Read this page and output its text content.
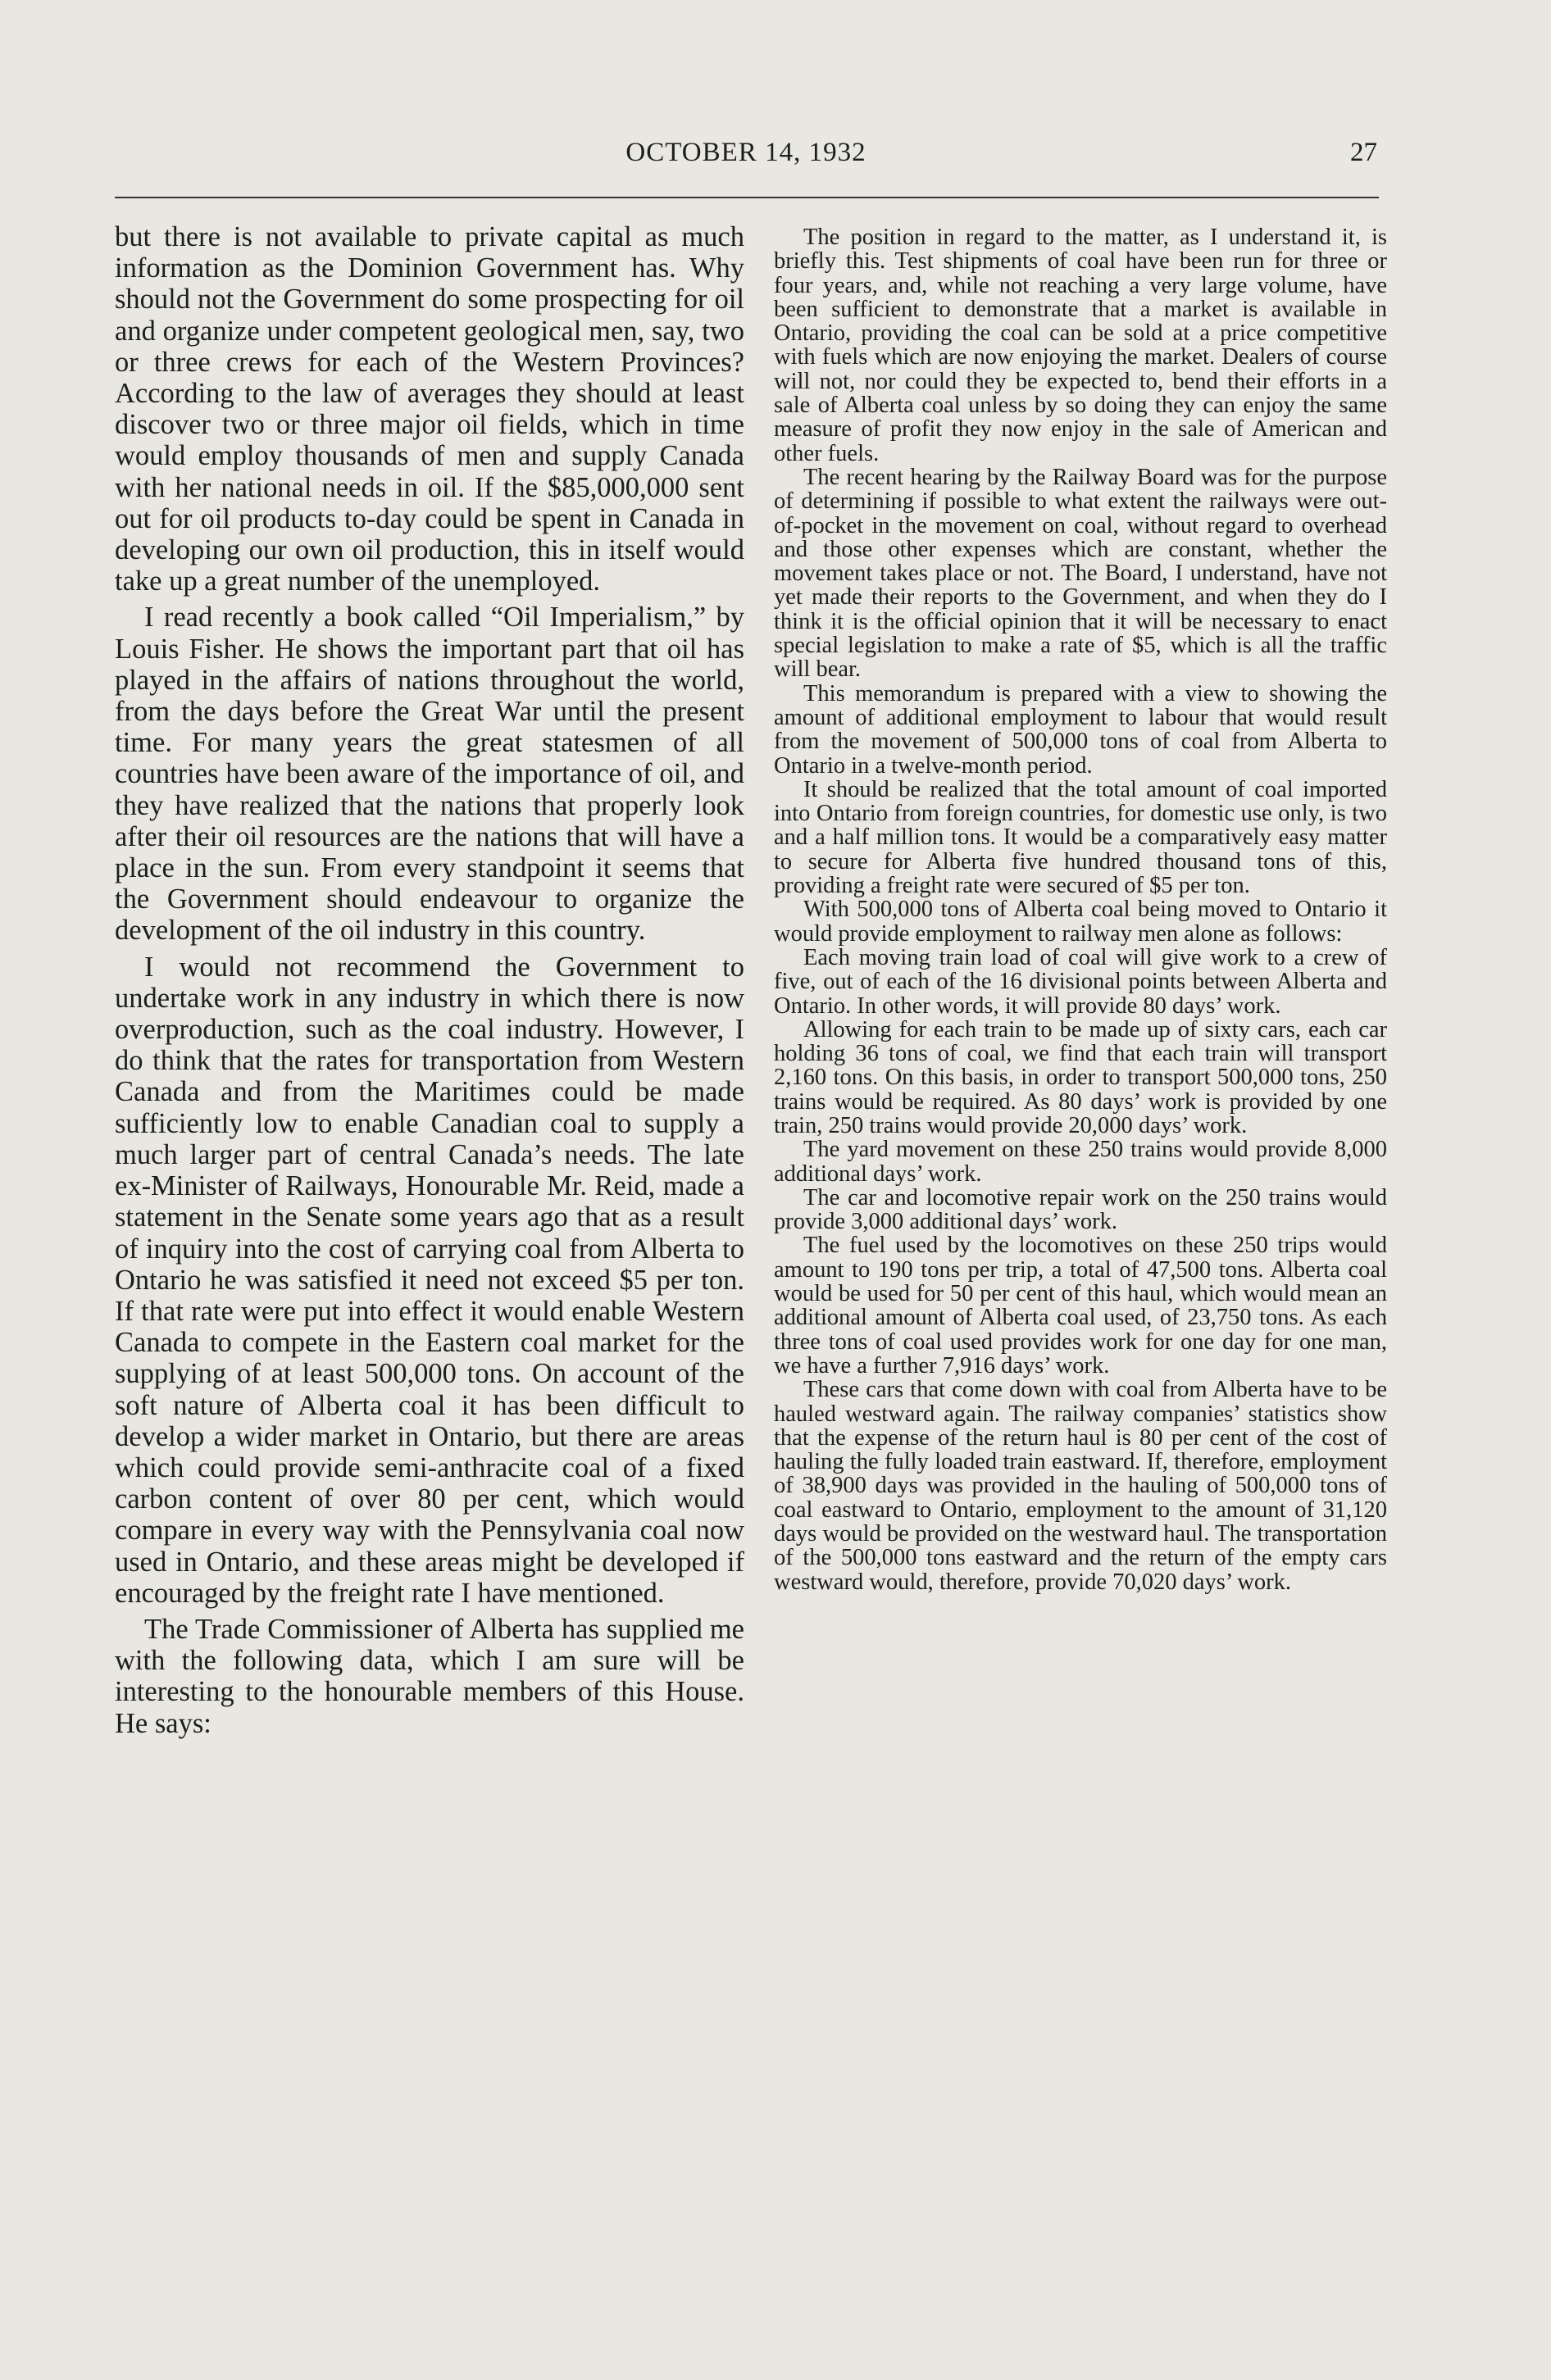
OCTOBER 14, 1932	27

but there is not available to private capital as much information as the Dominion Government has. Why should not the Government do some prospecting for oil and organize under competent geological men, say, two or three crews for each of the Western Provinces? According to the law of averages they should at least discover two or three major oil fields, which in time would employ thousands of men and supply Canada with her national needs in oil. If the $85,000,000 sent out for oil products to-day could be spent in Canada in developing our own oil production, this in itself would take up a great number of the unemployed.

I read recently a book called “Oil Imperialism,” by Louis Fisher. He shows the important part that oil has played in the affairs of nations throughout the world, from the days before the Great War until the present time. For many years the great statesmen of all countries have been aware of the importance of oil, and they have realized that the nations that properly look after their oil resources are the nations that will have a place in the sun. From every standpoint it seems that the Government should endeavour to organize the development of the oil industry in this country.

I would not recommend the Government to undertake work in any industry in which there is now overproduction, such as the coal industry. However, I do think that the rates for transportation from Western Canada and from the Maritimes could be made sufficiently low to enable Canadian coal to supply a much larger part of central Canada’s needs. The late ex-Minister of Railways, Honourable Mr. Reid, made a statement in the Senate some years ago that as a result of inquiry into the cost of carrying coal from Alberta to Ontario he was satisfied it need not exceed $5 per ton. If that rate were put into effect it would enable Western Canada to compete in the Eastern coal market for the supplying of at least 500,000 tons. On account of the soft nature of Alberta coal it has been difficult to develop a wider market in Ontario, but there are areas which could provide semi-anthracite coal of a fixed carbon content of over 80 per cent, which would compare in every way with the Pennsylvania coal now used in Ontario, and these areas might be developed if encouraged by the freight rate I have mentioned.

The Trade Commissioner of Alberta has supplied me with the following data, which I am sure will be interesting to the honourable members of this House. He says:

The position in regard to the matter, as I understand it, is briefly this. Test shipments of coal have been run for three or four years, and, while not reaching a very large volume, have been sufficient to demonstrate that a market is available in Ontario, providing the coal can be sold at a price competitive with fuels which are now enjoying the market. Dealers of course will not, nor could they be expected to, bend their efforts in a sale of Alberta coal unless by so doing they can enjoy the same measure of profit they now enjoy in the sale of American and other fuels.

The recent hearing by the Railway Board was for the purpose of determining if possible to what extent the railways were out-of-pocket in the movement on coal, without regard to overhead and those other expenses which are constant, whether the movement takes place or not. The Board, I understand, have not yet made their reports to the Government, and when they do I think it is the official opinion that it will be necessary to enact special legislation to make a rate of $5, which is all the traffic will bear.

This memorandum is prepared with a view to showing the amount of additional employment to labour that would result from the movement of 500,000 tons of coal from Alberta to Ontario in a twelve-month period.

It should be realized that the total amount of coal imported into Ontario from foreign countries, for domestic use only, is two and a half million tons. It would be a comparatively easy matter to secure for Alberta five hundred thousand tons of this, providing a freight rate were secured of $5 per ton.

With 500,000 tons of Alberta coal being moved to Ontario it would provide employment to railway men alone as follows:

Each moving train load of coal will give work to a crew of five, out of each of the 16 divisional points between Alberta and Ontario. In other words, it will provide 80 days’ work.

Allowing for each train to be made up of sixty cars, each car holding 36 tons of coal, we find that each train will transport 2,160 tons. On this basis, in order to transport 500,000 tons, 250 trains would be required. As 80 days’ work is provided by one train, 250 trains would provide 20,000 days’ work.

The yard movement on these 250 trains would provide 8,000 additional days’ work.

The car and locomotive repair work on the 250 trains would provide 3,000 additional days’ work.

The fuel used by the locomotives on these 250 trips would amount to 190 tons per trip, a total of 47,500 tons. Alberta coal would be used for 50 per cent of this haul, which would mean an additional amount of Alberta coal used, of 23,750 tons. As each three tons of coal used provides work for one day for one man, we have a further 7,916 days’ work.

These cars that come down with coal from Alberta have to be hauled westward again. The railway companies’ statistics show that the expense of the return haul is 80 per cent of the cost of hauling the fully loaded train eastward. If, therefore, employment of 38,900 days was provided in the hauling of 500,000 tons of coal eastward to Ontario, employment to the amount of 31,120 days would be provided on the westward haul. The transportation of the 500,000 tons eastward and the return of the empty cars westward would, therefore, provide 70,020 days’ work.
